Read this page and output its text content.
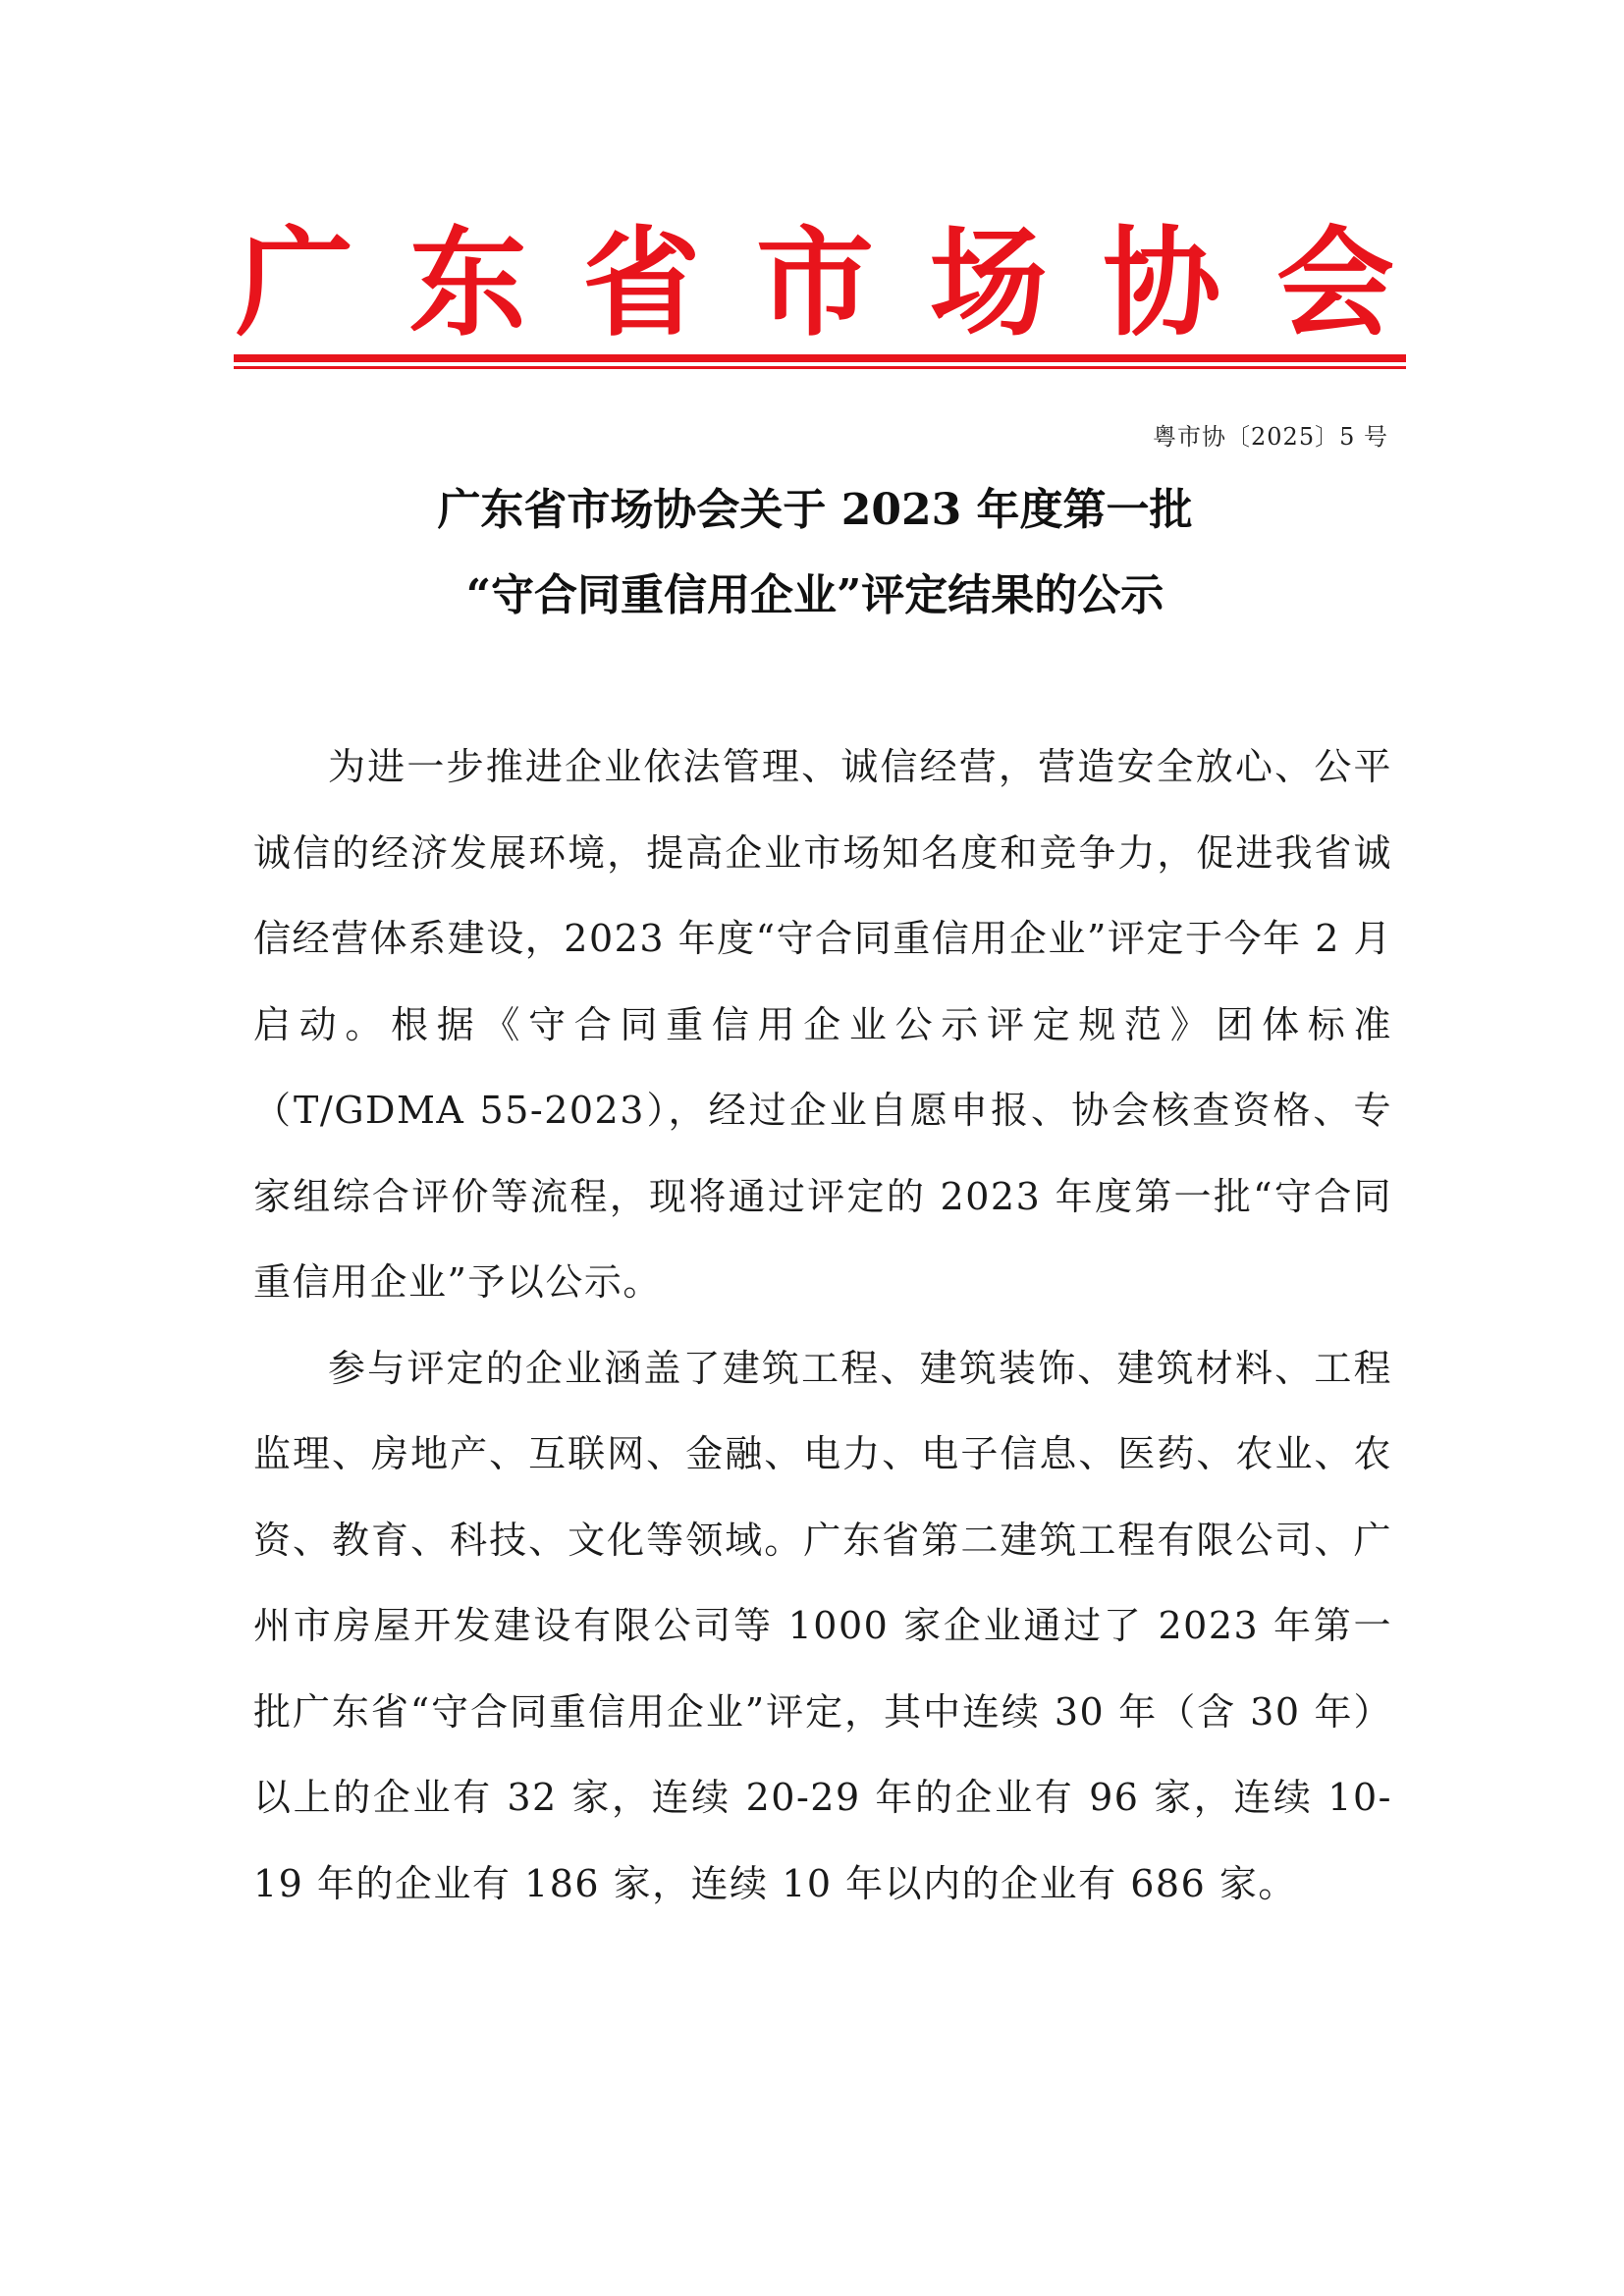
广 东 省 市 场 协 会
粤市协〔2025〕5 号
广东省市场协会关于 2023 年度第一批
“守合同重信用企业”评定结果的公示

为进一步推进企业依法管理、诚信经营，营造安全放心、公平诚信的经济发展环境，提高企业市场知名度和竞争力，促进我省诚信经营体系建设，2023 年度“守合同重信用企业”评定于今年 2 月启动。根据《守合同重信用企业公示评定规范》团体标准（T/GDMA 55-2023），经过企业自愿申报、协会核查资格、专家组综合评价等流程，现将通过评定的 2023 年度第一批“守合同重信用企业”予以公示。

参与评定的企业涵盖了建筑工程、建筑装饰、建筑材料、工程监理、房地产、互联网、金融、电力、电子信息、医药、农业、农资、教育、科技、文化等领域。广东省第二建筑工程有限公司、广州市房屋开发建设有限公司等 1000 家企业通过了 2023 年第一批广东省“守合同重信用企业”评定，其中连续 30 年（含 30 年）以上的企业有 32 家，连续 20-29 年的企业有 96 家，连续 10-19 年的企业有 186 家，连续 10 年以内的企业有 686 家。
